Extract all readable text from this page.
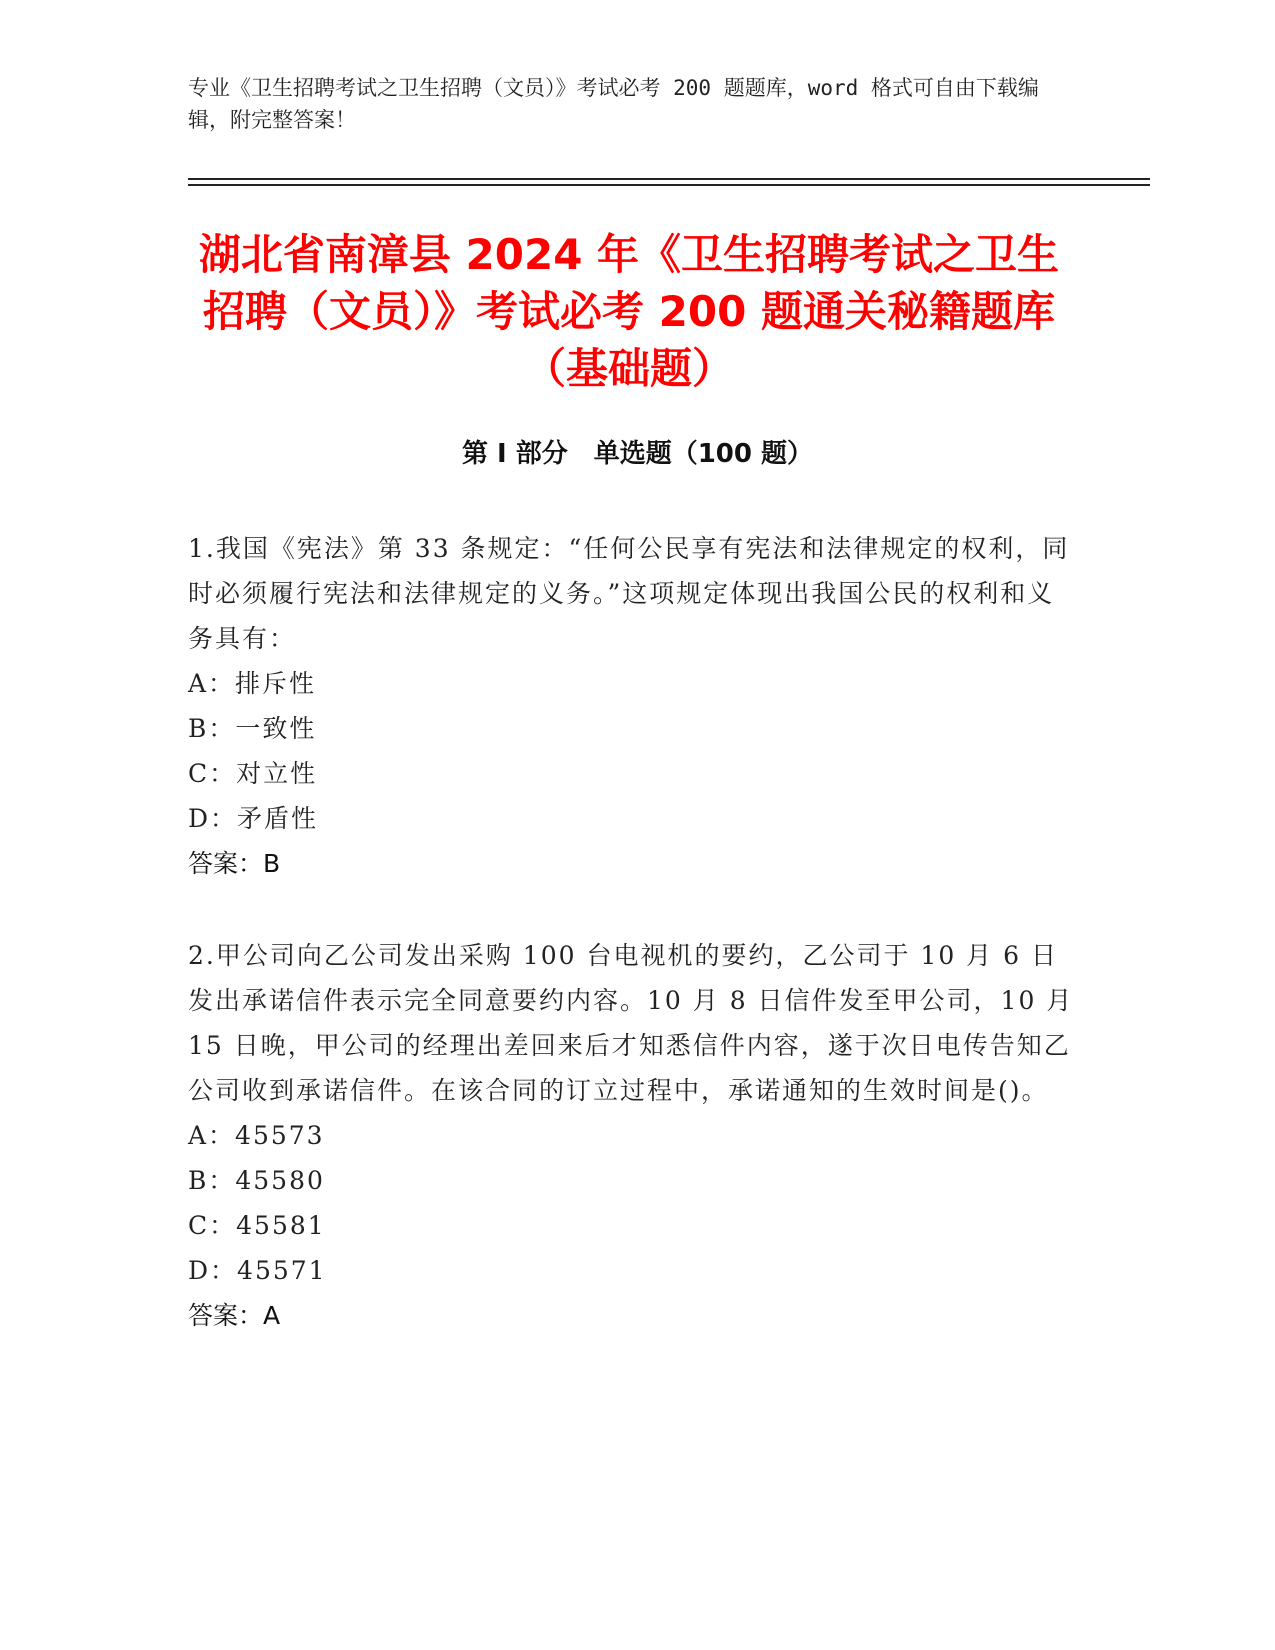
专业《卫生招聘考试之卫生招聘（文员）》考试必考 200 题题库，word 格式可自由下载编辑，附完整答案！
湖北省南漳县 2024 年《卫生招聘考试之卫生招聘（文员）》考试必考 200 题通关秘籍题库（基础题）
第 I 部分　单选题（100 题）
1.我国《宪法》第 33 条规定：“任何公民享有宪法和法律规定的权利，同时必须履行宪法和法律规定的义务。”这项规定体现出我国公民的权利和义务具有：
A：排斥性
B：一致性
C：对立性
D：矛盾性
答案：B
2.甲公司向乙公司发出采购 100 台电视机的要约，乙公司于 10 月 6 日发出承诺信件表示完全同意要约内容。10 月 8 日信件发至甲公司，10 月 15 日晚，甲公司的经理出差回来后才知悉信件内容，遂于次日电传告知乙公司收到承诺信件。在该合同的订立过程中，承诺通知的生效时间是()。
A：45573
B：45580
C：45581
D：45571
答案：A
